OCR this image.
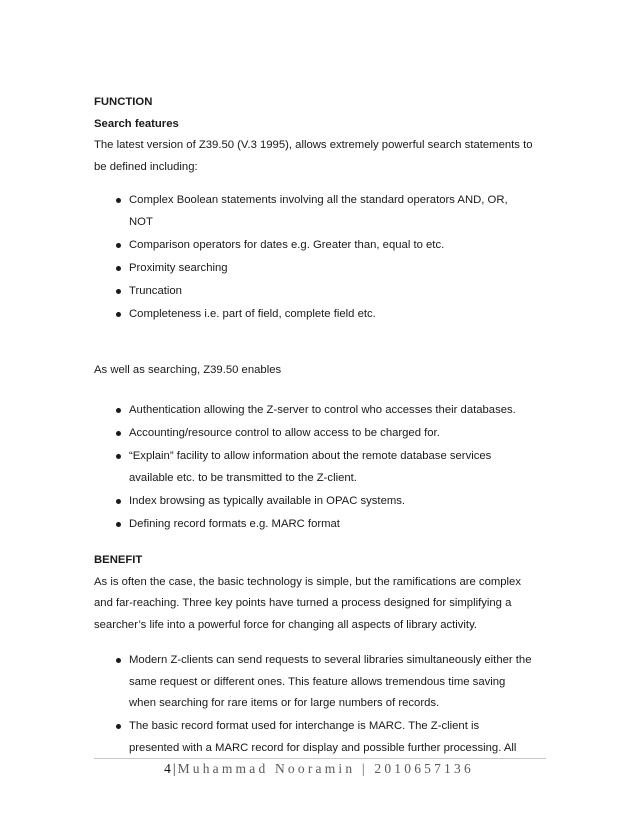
FUNCTION
Search features
The latest version of Z39.50 (V.3 1995), allows extremely powerful search statements to
be defined including:
Complex Boolean statements involving all the standard operators AND, OR,
NOT
Comparison operators for dates e.g. Greater than, equal to etc.
Proximity searching
Truncation
Completeness i.e. part of field, complete field etc.
As well as searching, Z39.50 enables
Authentication allowing the Z-server to control who accesses their databases.
Accounting/resource control to allow access to be charged for.
“Explain” facility to allow information about the remote database services
available etc. to be transmitted to the Z-client.
Index browsing as typically available in OPAC systems.
Defining record formats e.g. MARC format
BENEFIT
As is often the case, the basic technology is simple, but the ramifications are complex
and far-reaching. Three key points have turned a process designed for simplifying a
searcher’s life into a powerful force for changing all aspects of library activity.
Modern Z-clients can send requests to several libraries simultaneously either the
same request or different ones. This feature allows tremendous time saving
when searching for rare items or for large numbers of records.
The basic record format used for interchange is MARC. The Z-client is
presented with a MARC record for display and possible further processing. All
4 | Muhammad Nooramin | 2010657136
